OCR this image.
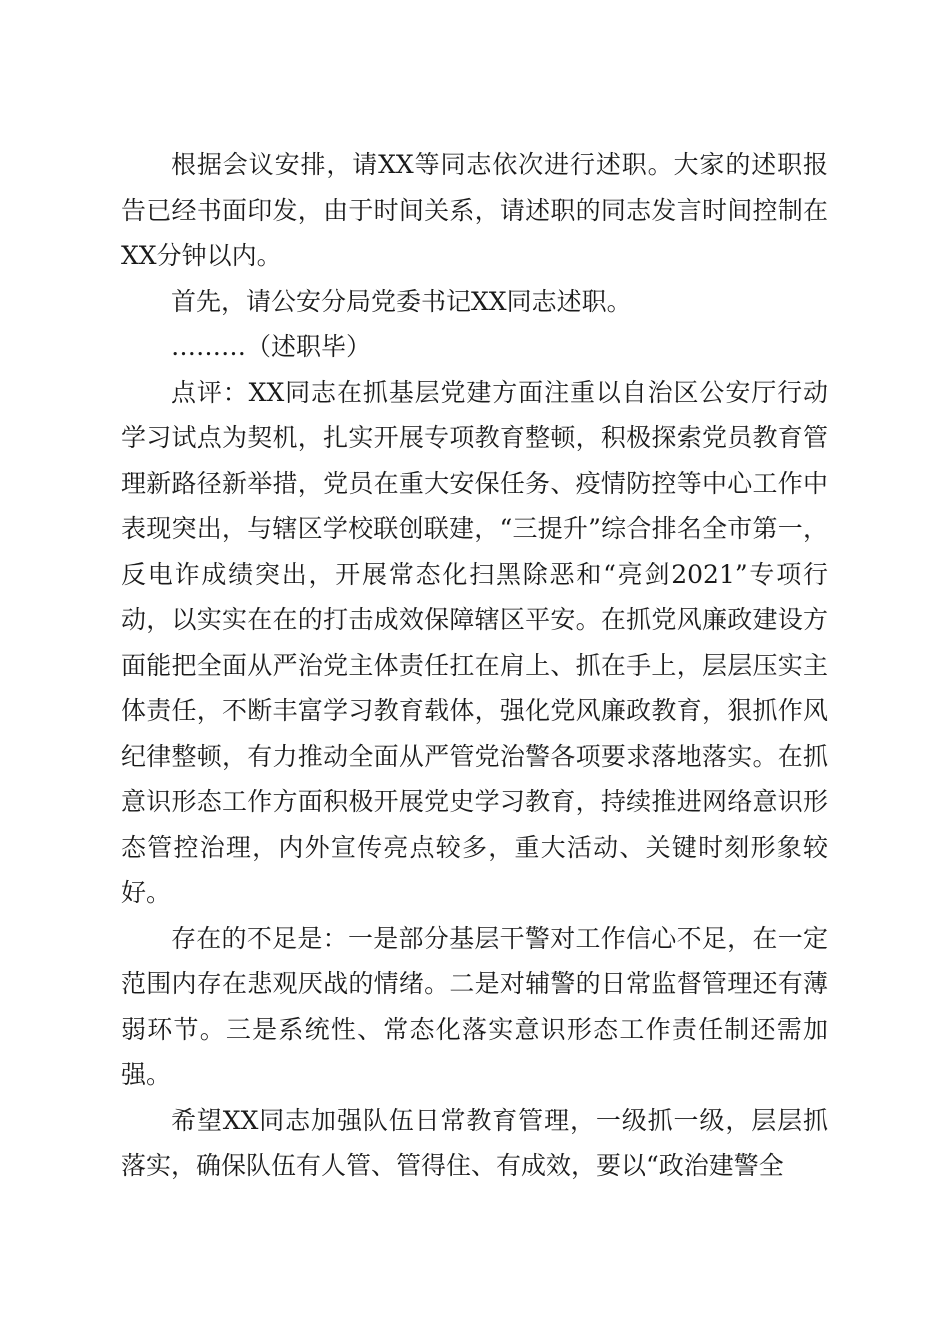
根据会议安排，请XX等同志依次进行述职。大家的述职报告已经书面印发，由于时间关系，请述职的同志发言时间控制在XX分钟以内。

首先，请公安分局党委书记XX同志述职。

………（述职毕）

点评：XX同志在抓基层党建方面注重以自治区公安厅行动学习试点为契机，扎实开展专项教育整顿，积极探索党员教育管理新路径新举措，党员在重大安保任务、疫情防控等中心工作中表现突出，与辖区学校联创联建，“三提升”综合排名全市第一，反电诈成绩突出，开展常态化扫黑除恶和“亮剑2021”专项行动，以实实在在的打击成效保障辖区平安。在抓党风廉政建设方面能把全面从严治党主体责任扛在肩上、抓在手上，层层压实主体责任，不断丰富学习教育载体，强化党风廉政教育，狠抓作风纪律整顿，有力推动全面从严管党治警各项要求落地落实。在抓意识形态工作方面积极开展党史学习教育，持续推进网络意识形态管控治理，内外宣传亮点较多，重大活动、关键时刻形象较好。

存在的不足是：一是部分基层干警对工作信心不足，在一定范围内存在悲观厌战的情绪。二是对辅警的日常监督管理还有薄弱环节。三是系统性、常态化落实意识形态工作责任制还需加强。

希望XX同志加强队伍日常教育管理，一级抓一级，层层抓落实，确保队伍有人管、管得住、有成效，要以“政治建警全
